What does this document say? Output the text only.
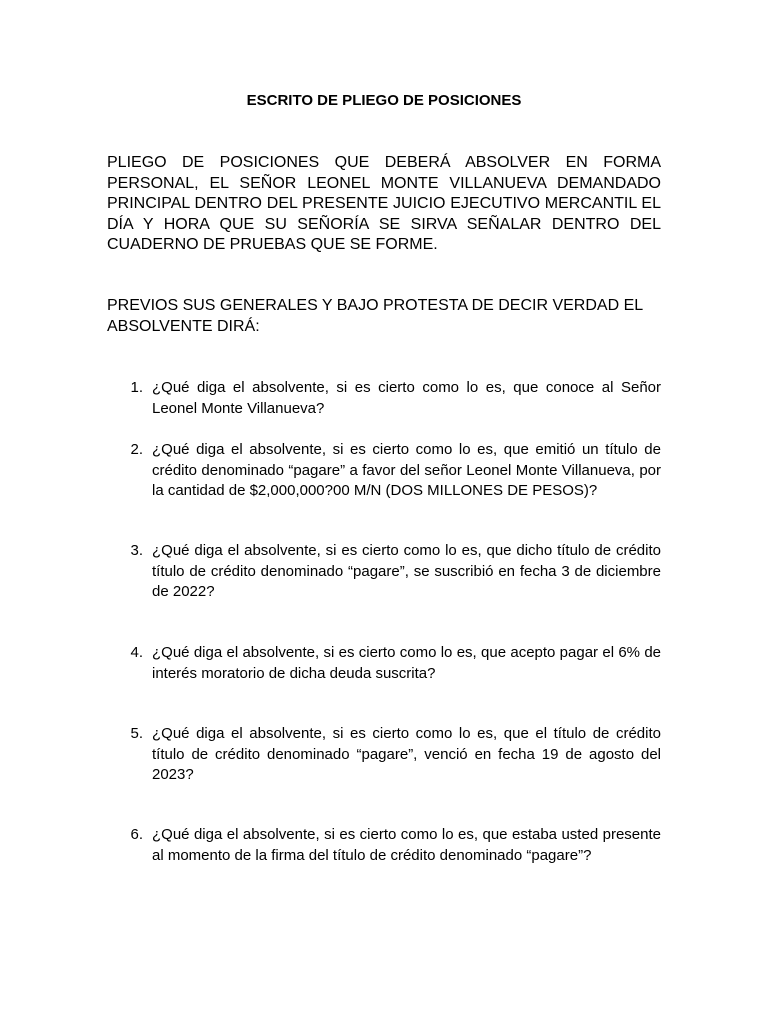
ESCRITO DE PLIEGO DE POSICIONES
PLIEGO DE POSICIONES QUE DEBERÁ ABSOLVER EN FORMA PERSONAL, EL SEÑOR LEONEL MONTE VILLANUEVA DEMANDADO PRINCIPAL DENTRO DEL PRESENTE JUICIO EJECUTIVO MERCANTIL EL DÍA Y HORA QUE SU SEÑORÍA SE SIRVA SEÑALAR DENTRO DEL CUADERNO DE PRUEBAS QUE SE FORME.
PREVIOS SUS GENERALES Y BAJO PROTESTA DE DECIR VERDAD EL ABSOLVENTE DIRÁ:
1. ¿Qué diga el absolvente, si es cierto como lo es, que conoce al Señor Leonel Monte Villanueva?
2. ¿Qué diga el absolvente, si es cierto como lo es, que emitió un título de crédito denominado “pagare” a favor del señor Leonel Monte Villanueva, por la cantidad de $2,000,000?00 M/N (DOS MILLONES DE PESOS)?
3. ¿Qué diga el absolvente, si es cierto como lo es, que dicho título de crédito título de crédito denominado “pagare”, se suscribió en fecha 3 de diciembre de 2022?
4. ¿Qué diga el absolvente, si es cierto como lo es, que acepto pagar el 6% de interés moratorio de dicha deuda suscrita?
5. ¿Qué diga el absolvente, si es cierto como lo es, que el título de crédito título de crédito denominado “pagare”, venció en fecha 19 de agosto del 2023?
6. ¿Qué diga el absolvente, si es cierto como lo es, que estaba usted presente al momento de la firma del título de crédito denominado “pagare”?
